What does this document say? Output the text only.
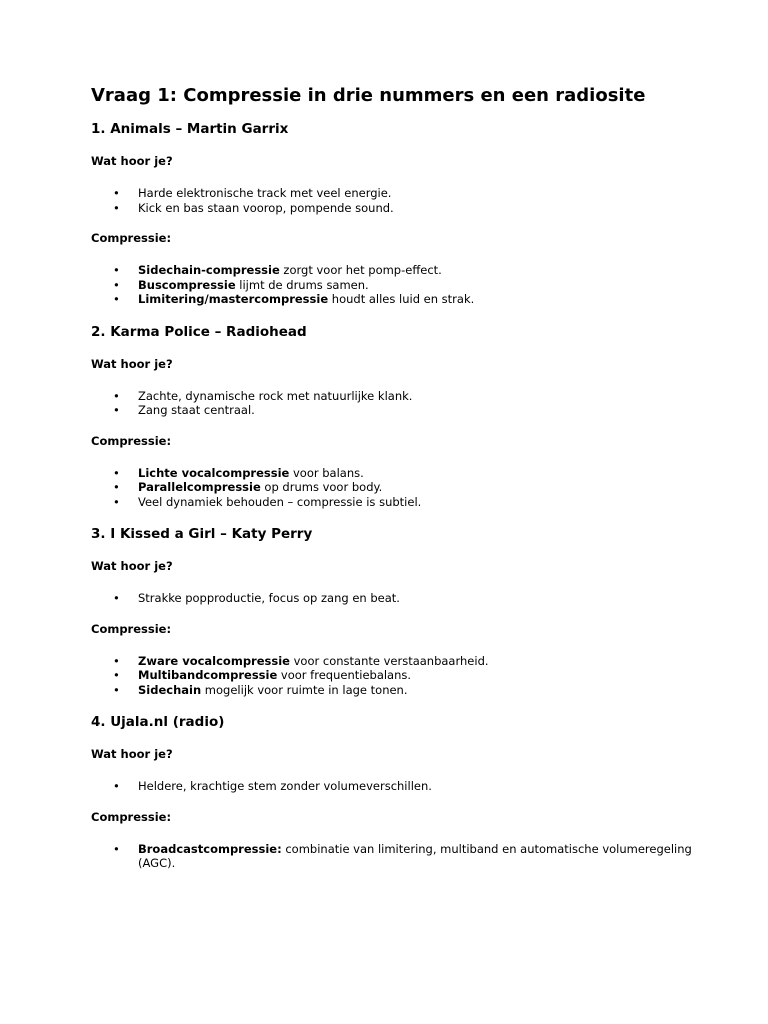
Vraag 1: Compressie in drie nummers en een radiosite
1. Animals – Martin Garrix
Wat hoor je?
• Harde elektronische track met veel energie.
• Kick en bas staan voorop, pompende sound.
Compressie:
• Sidechain-compressie zorgt voor het pomp-effect.
• Buscompressie lijmt de drums samen.
• Limitering/mastercompressie houdt alles luid en strak.
2. Karma Police – Radiohead
Wat hoor je?
• Zachte, dynamische rock met natuurlijke klank.
• Zang staat centraal.
Compressie:
• Lichte vocalcompressie voor balans.
• Parallelcompressie op drums voor body.
• Veel dynamiek behouden – compressie is subtiel.
3. I Kissed a Girl – Katy Perry
Wat hoor je?
• Strakke popproductie, focus op zang en beat.
Compressie:
• Zware vocalcompressie voor constante verstaanbaarheid.
• Multibandcompressie voor frequentiebalans.
• Sidechain mogelijk voor ruimte in lage tonen.
4. Ujala.nl (radio)
Wat hoor je?
• Heldere, krachtige stem zonder volumeverschillen.
Compressie:
• Broadcastcompressie: combinatie van limitering, multiband en automatische volumeregeling (AGC).
